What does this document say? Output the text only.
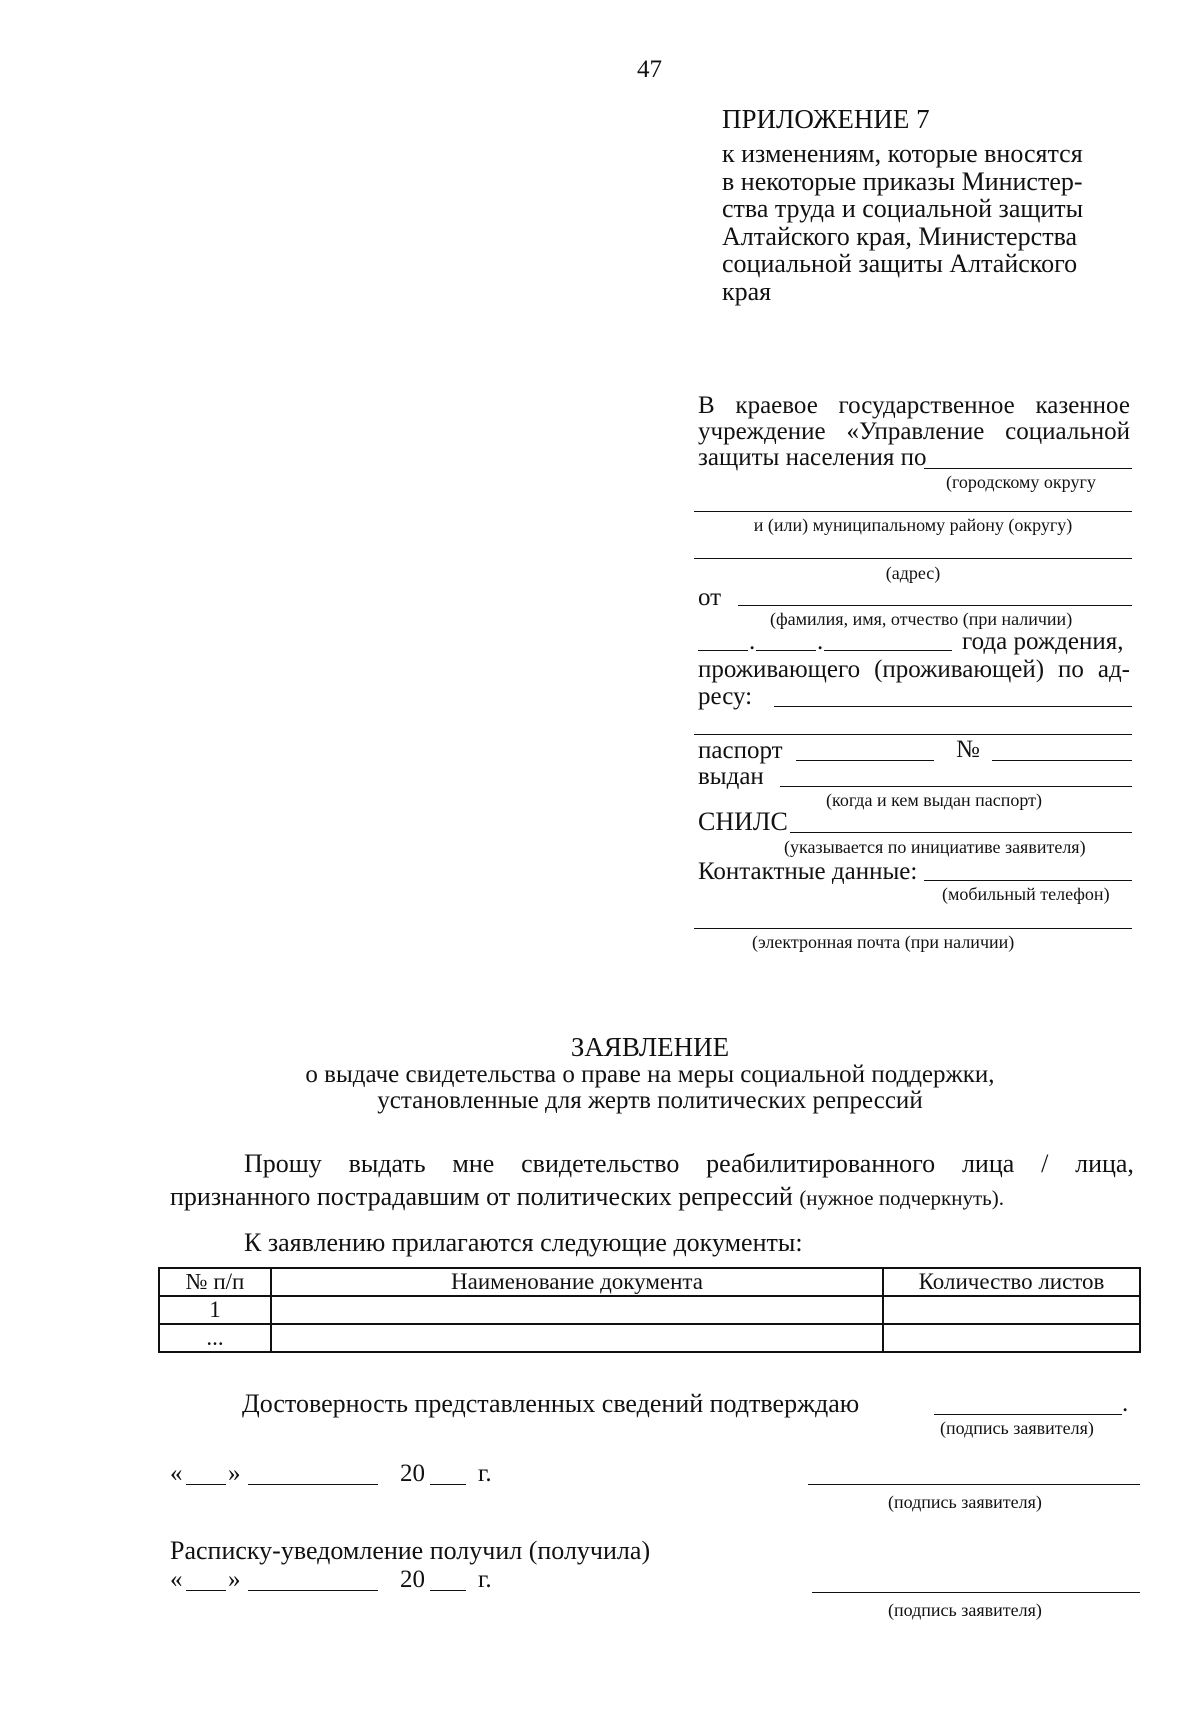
47
ПРИЛОЖЕНИЕ 7
к изменениям, которые вносятся
в некоторые приказы Министер-
ства труда и социальной защиты
Алтайского края, Министерства
социальной защиты Алтайского
края
В краевое государственное казенное
учреждение «Управление социальной
защиты населения по
(городскому округу
и (или) муниципальному району (округу)
(адрес)
от
(фамилия, имя, отчество (при наличии)
. .	года рождения,
проживающего (проживающей) по ад-
ресу:
паспорт	№
выдан
(когда и кем выдан паспорт)
СНИЛС
(указывается по инициативе заявителя)
Контактные данные:
(мобильный телефон)
(электронная почта (при наличии)
ЗАЯВЛЕНИЕ
о выдаче свидетельства о праве на меры социальной поддержки,
установленные для жертв политических репрессий
Прошу выдать мне свидетельство реабилитированного лица / лица,
признанного пострадавшим от политических репрессий (нужное подчеркнуть).
К заявлению прилагаются следующие документы:
№ п/п	Наименование документа	Количество листов
1		
...		
Достоверность представленных сведений подтверждаю	.
(подпись заявителя)
« »	20 г.
(подпись заявителя)
Расписку-уведомление получил (получила)
« »	20 г.
(подпись заявителя)
